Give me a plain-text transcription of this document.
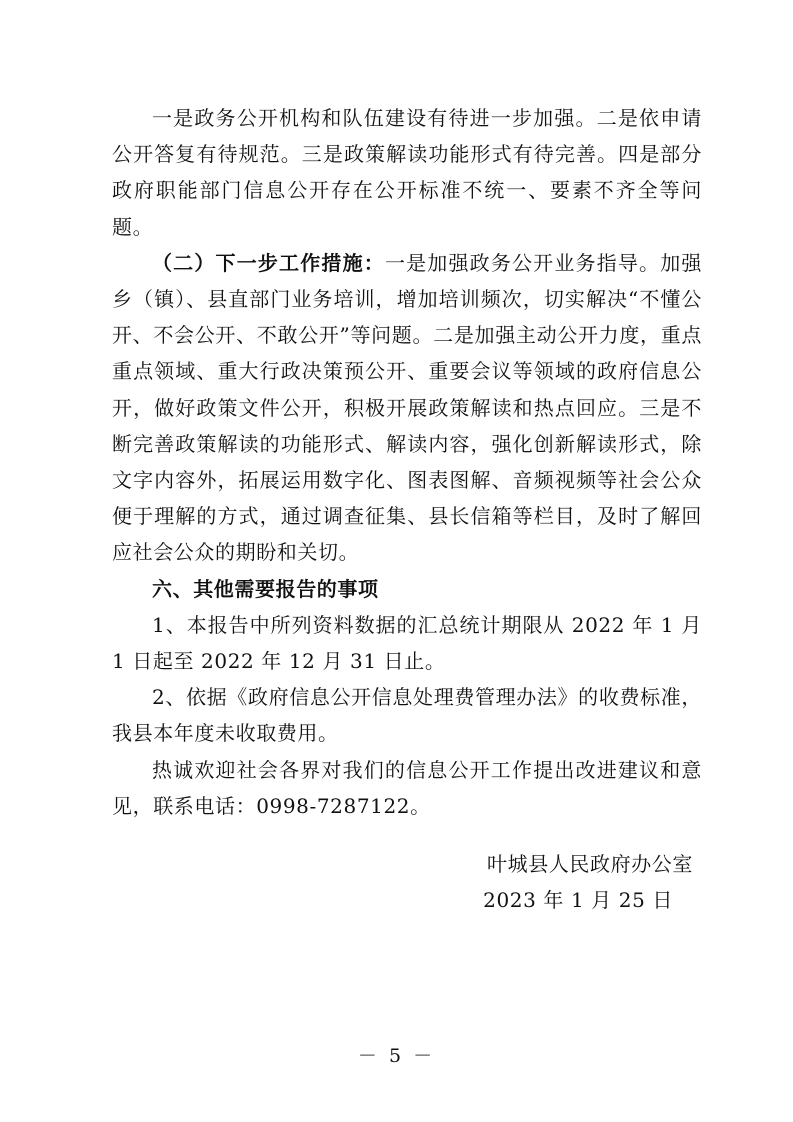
一是政务公开机构和队伍建设有待进一步加强。二是依申请公开答复有待规范。三是政策解读功能形式有待完善。四是部分政府职能部门信息公开存在公开标准不统一、要素不齐全等问题。

（二）下一步工作措施：一是加强政务公开业务指导。加强乡（镇）、县直部门业务培训，增加培训频次，切实解决“不懂公开、不会公开、不敢公开”等问题。二是加强主动公开力度，重点重点领域、重大行政决策预公开、重要会议等领域的政府信息公开，做好政策文件公开，积极开展政策解读和热点回应。三是不断完善政策解读的功能形式、解读内容，强化创新解读形式，除文字内容外，拓展运用数字化、图表图解、音频视频等社会公众便于理解的方式，通过调查征集、县长信箱等栏目，及时了解回应社会公众的期盼和关切。

六、其他需要报告的事项

1、本报告中所列资料数据的汇总统计期限从 2022 年 1 月 1 日起至 2022 年 12 月 31 日止。

2、依据《政府信息公开信息处理费管理办法》的收费标准，我县本年度未收取费用。

热诚欢迎社会各界对我们的信息公开工作提出改进建议和意见，联系电话：0998-7287122。

叶城县人民政府办公室
2023 年 1 月 25 日
－ 5 －
